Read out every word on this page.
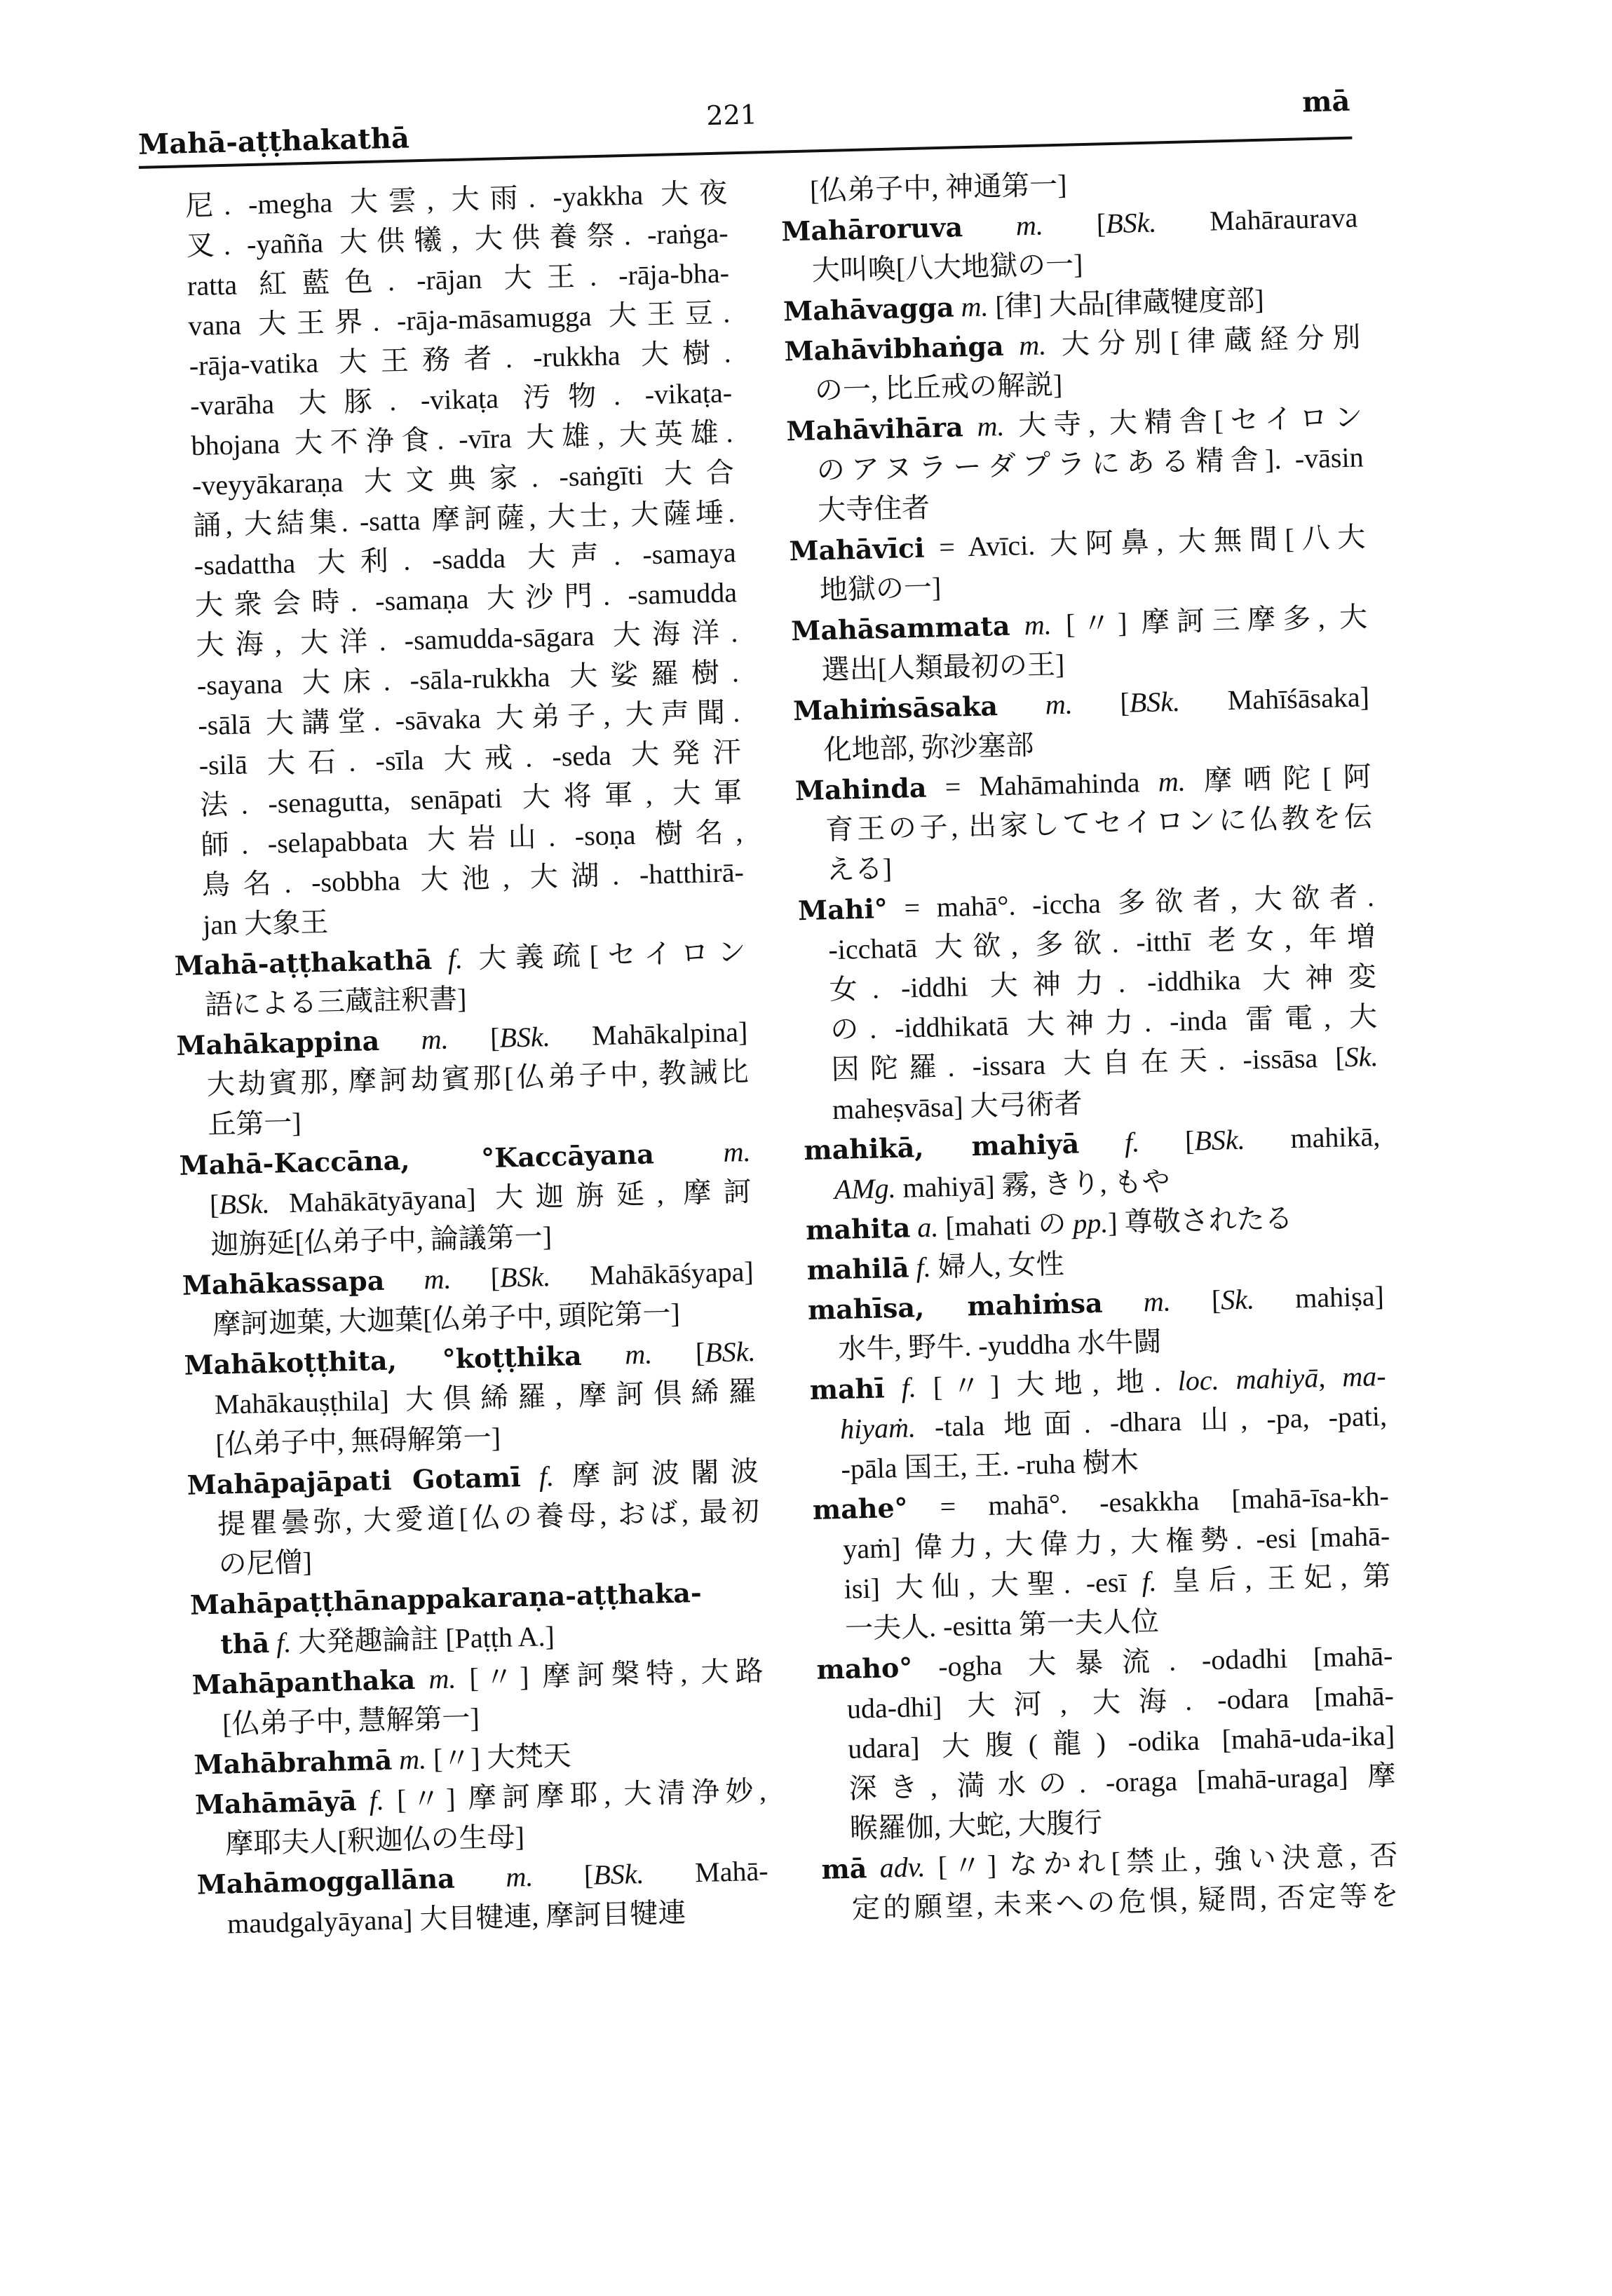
Mahā-aṭṭhakathā
221	mā
尼. -megha 大雲, 大雨. -yakkha 大夜
叉. -yañña 大供犧, 大供養祭. -raṅga-
ratta 紅藍色. -rājan 大王. -rāja-bha-
vana 大王界. -rāja-māsamugga 大王豆.
-rāja-vatika 大王務者. -rukkha 大樹.
-varāha 大豚. -vikaṭa 汚物. -vikaṭa-
bhojana 大不浄食. -vīra 大雄, 大英雄.
-veyyākaraṇa 大文典家. -saṅgīti 大合
誦, 大結集. -satta 摩訶薩, 大士, 大薩埵.
-sadattha 大利. -sadda 大声. -samaya
大衆会時. -samaṇa 大沙門. -samudda
大海, 大洋. -samudda-sāgara 大海洋.
-sayana 大床. -sāla-rukkha 大娑羅樹.
-sālā 大講堂. -sāvaka 大弟子, 大声聞.
-silā 大石. -sīla 大戒. -seda 大発汗
法. -senagutta, senāpati 大将軍, 大軍
師. -selapabbata 大岩山. -soṇa 樹名,
鳥名. -sobbha 大池, 大湖. -hatthirā-
jan 大象王
Mahā-aṭṭhakathā f. 大義疏[セイロン
語による三蔵註釈書]
Mahākappina m. [BSk. Mahākalpina]
大劫賓那, 摩訶劫賓那[仏弟子中, 教誡比
丘第一]
Mahā-Kaccāna, °Kaccāyana m.
[BSk. Mahākātyāyana] 大迦旃延, 摩訶
迦旃延[仏弟子中, 論議第一]
Mahākassapa m. [BSk. Mahākāśyapa]
摩訶迦葉, 大迦葉[仏弟子中, 頭陀第一]
Mahākoṭṭhita, °koṭṭhika m. [BSk.
Mahākauṣṭhila] 大倶絺羅, 摩訶倶絺羅
[仏弟子中, 無碍解第一]
Mahāpajāpati Gotamī f. 摩訶波闍波
提瞿曇弥, 大愛道[仏の養母, おば, 最初
の尼僧]
Mahāpaṭṭhānappakaraṇa-aṭṭhaka-
thā f. 大発趣論註 [Paṭṭh A.]
Mahāpanthaka m. [〃] 摩訶槃特, 大路
[仏弟子中, 慧解第一]
Mahābrahmā m. [〃] 大梵天
Mahāmāyā f. [〃] 摩訶摩耶, 大清浄妙,
摩耶夫人[釈迦仏の生母]
Mahāmoggallāna m. [BSk. Mahā-
maudgalyāyana] 大目犍連, 摩訶目犍連
[仏弟子中, 神通第一]
Mahāroruva m. [BSk. Mahāraurava
大叫喚[八大地獄の一]
Mahāvagga m. [律] 大品[律蔵犍度部]
Mahāvibhaṅga m. 大分別[律蔵経分別
の一, 比丘戒の解説]
Mahāvihāra m. 大寺, 大精舎[セイロン
のアヌラーダプラにある精舎]. -vāsin
大寺住者
Mahāvīci = Avīci. 大阿鼻, 大無間[八大
地獄の一]
Mahāsammata m. [〃] 摩訶三摩多, 大
選出[人類最初の王]
Mahiṁsāsaka m. [BSk. Mahīśāsaka]
化地部, 弥沙塞部
Mahinda = Mahāmahinda m. 摩哂陀[阿
育王の子, 出家してセイロンに仏教を伝
える]
Mahi° = mahā°. -iccha 多欲者, 大欲者.
-icchatā 大欲, 多欲. -itthī 老女, 年増
女. -iddhi 大神力. -iddhika 大神変
の. -iddhikatā 大神力. -inda 雷電, 大
因陀羅. -issara 大自在天. -issāsa [Sk.
maheṣvāsa] 大弓術者
mahikā, mahiyā f. [BSk. mahikā,
AMg. mahiyā] 霧, きり, もや
mahita a. [mahati の pp.] 尊敬されたる
mahilā f. 婦人, 女性
mahīsa, mahiṁsa m. [Sk. mahiṣa]
水牛, 野牛. -yuddha 水牛闘
mahī f. [〃] 大地, 地. loc. mahiyā, ma-
hiyaṁ. -tala 地面. -dhara 山, -pa, -pati,
-pāla 国王, 王. -ruha 樹木
mahe° = mahā°. -esakkha [mahā-īsa-kh-
yaṁ] 偉力, 大偉力, 大権勢. -esi [mahā-
isi] 大仙, 大聖. -esī f. 皇后, 王妃, 第
一夫人. -esitta 第一夫人位
maho° -ogha 大暴流. -odadhi [mahā-
uda-dhi] 大河, 大海. -odara [mahā-
udara] 大腹(龍) -odika [mahā-uda-ika]
深き, 満水の. -oraga [mahā-uraga] 摩
睺羅伽, 大蛇, 大腹行
mā adv. [〃] なかれ[禁止, 強い決意, 否
定的願望, 未来への危惧, 疑問, 否定等を
